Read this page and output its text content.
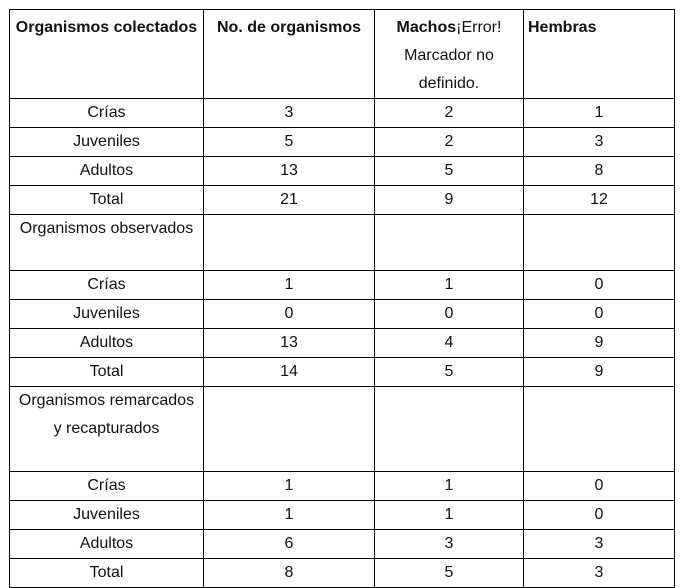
Organismos colectados	No. de organismos	Machos¡Error! Marcador no definido.	Hembras
Crías	3	2	1
Juveniles	5	2	3
Adultos	13	5	8
Total	21	9	12
Organismos observados			
Crías	1	1	0
Juveniles	0	0	0
Adultos	13	4	9
Total	14	5	9
Organismos remarcados y recapturados			
Crías	1	1	0
Juveniles	1	1	0
Adultos	6	3	3
Total	8	5	3
